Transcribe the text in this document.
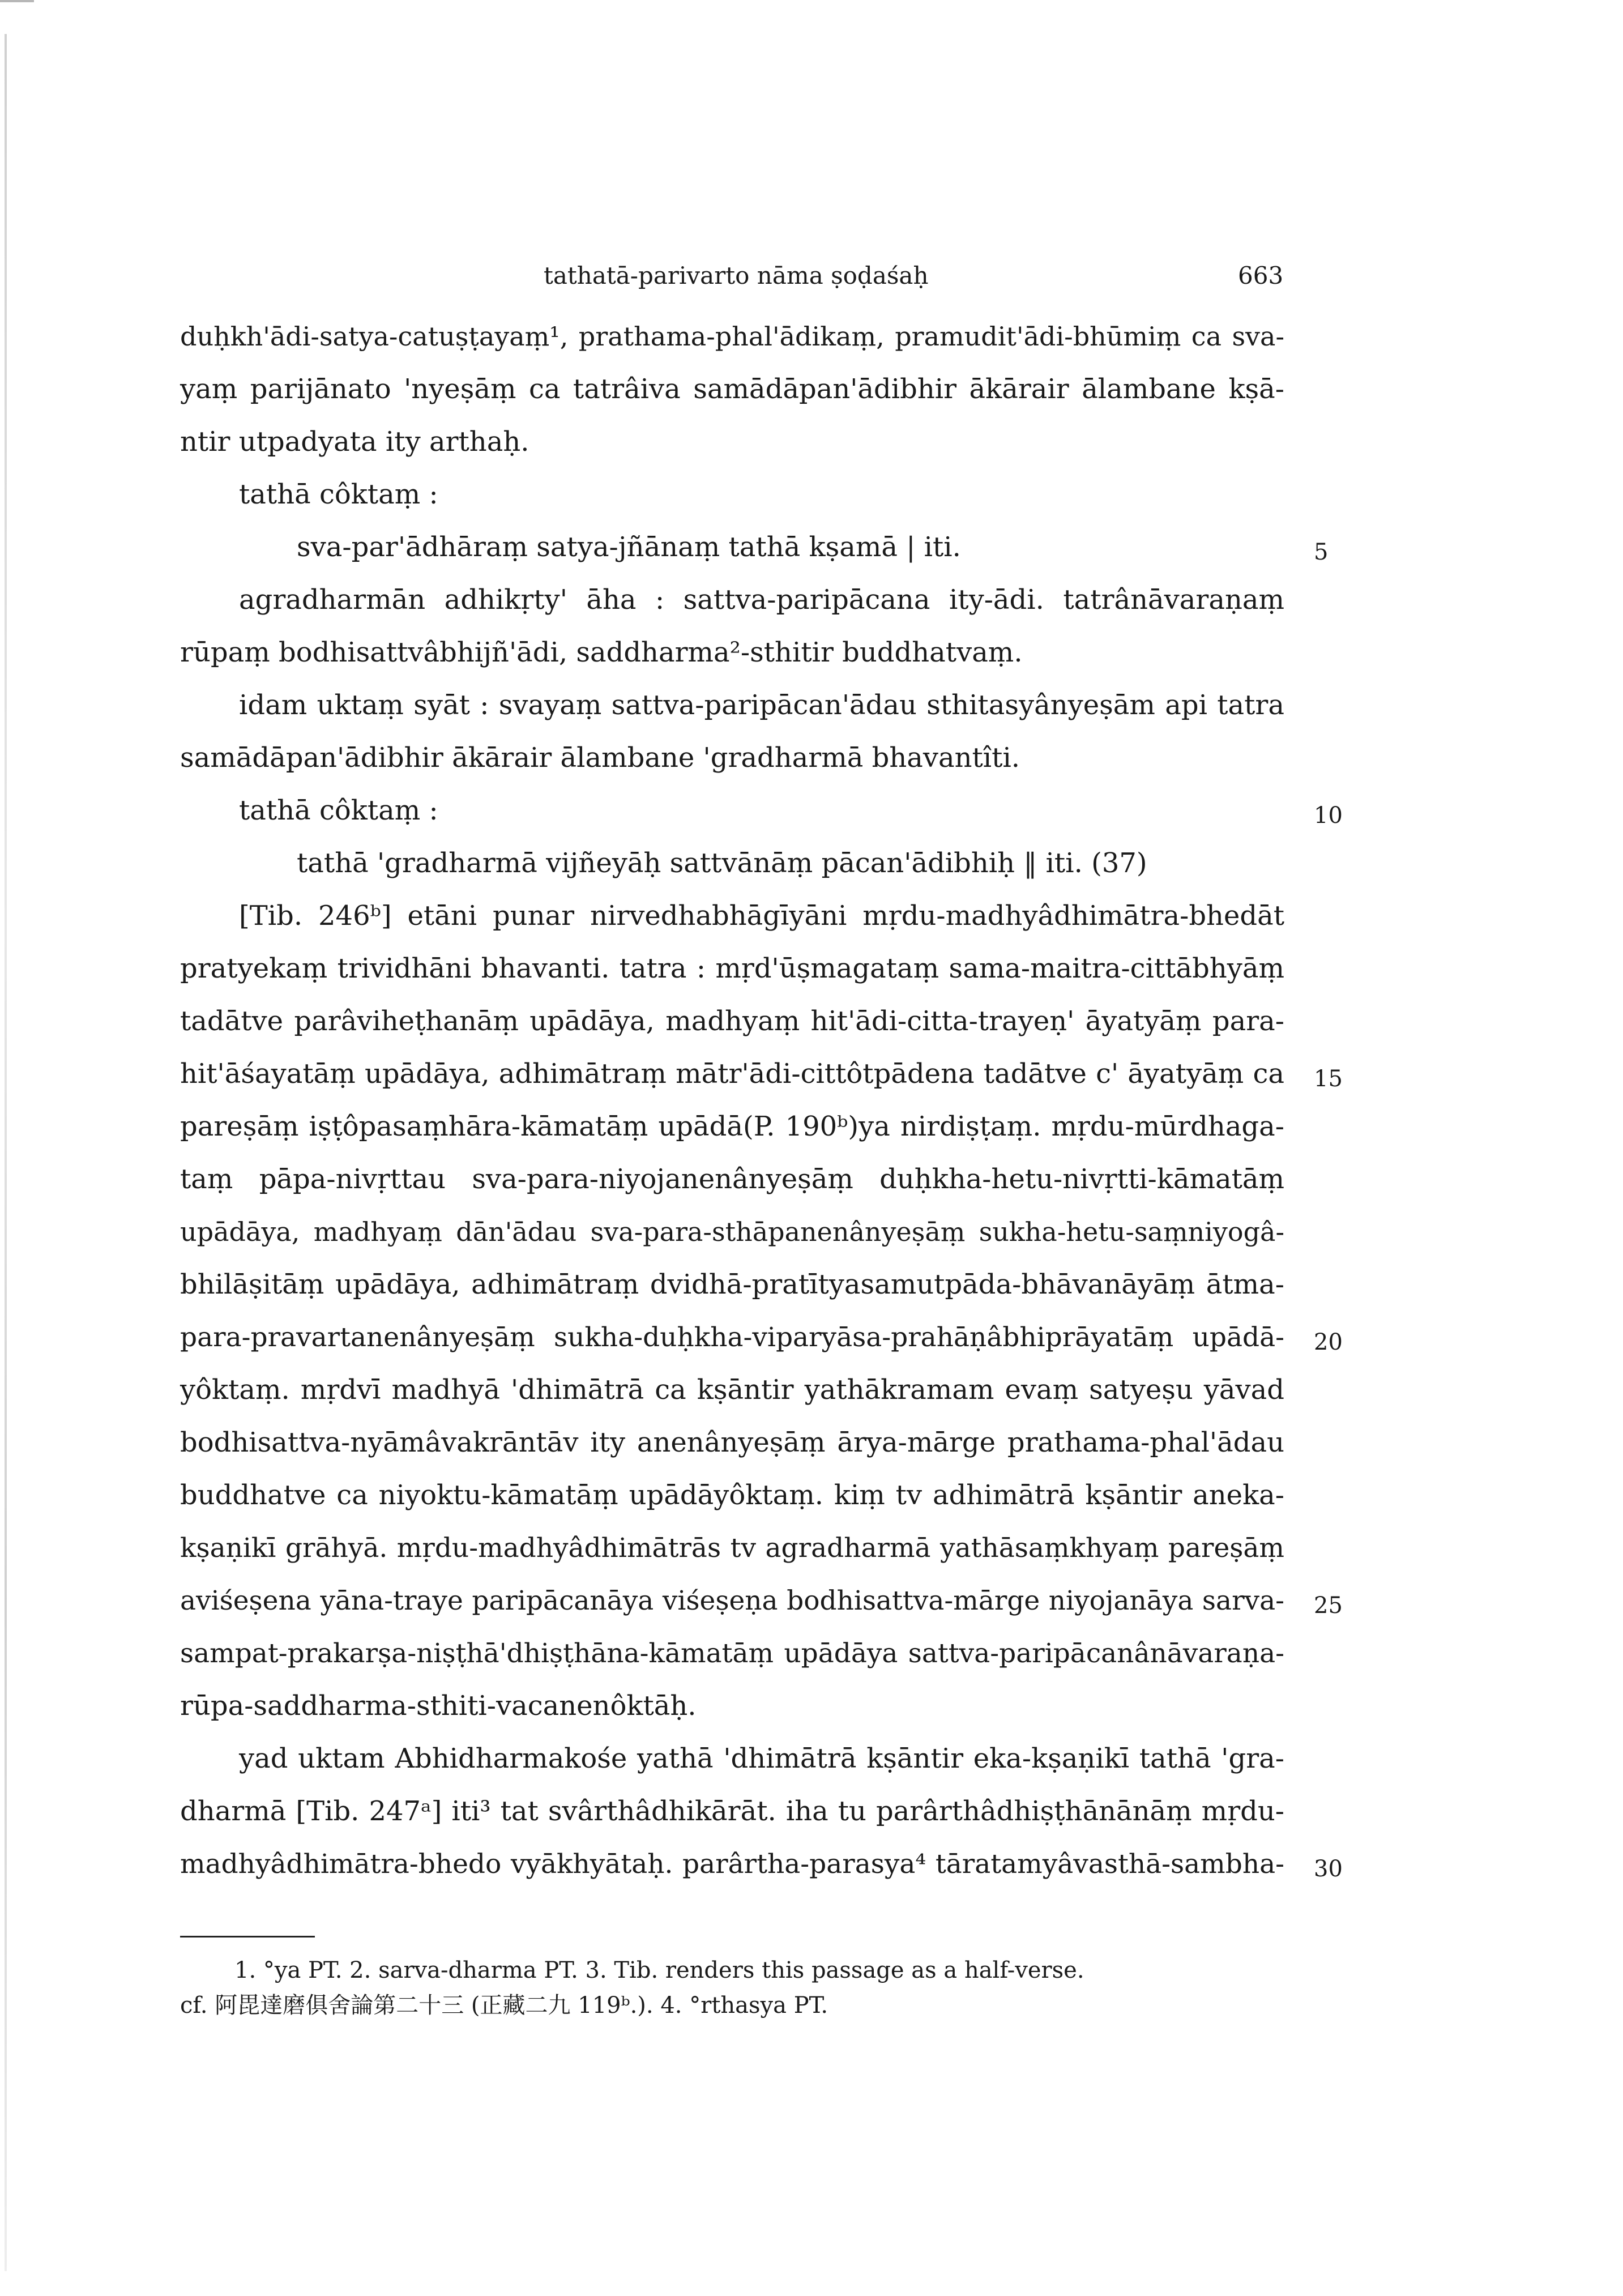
tathatā-parivarto nāma ṣoḍaśaḥ	663
duḥkh'ādi-satya-catuṣṭayaṃ¹, prathama-phal'ādikaṃ, pramudit'ādi-bhūmiṃ ca sva-
yaṃ parijānato 'nyeṣāṃ ca tatrâiva samādāpan'ādibhir ākārair ālambane kṣā-
ntir utpadyata ity arthaḥ.
tathā côktaṃ :
sva-par'ādhāraṃ satya-jñānaṃ tathā kṣamā | iti.
agradharmān adhikṛty' āha : sattva-paripācana ity-ādi. tatrânāvaraṇaṃ
rūpaṃ bodhisattvâbhijñ'ādi, saddharma²-sthitir buddhatvaṃ.
idam uktaṃ syāt : svayaṃ sattva-paripācan'ādau sthitasyânyeṣām api tatra
samādāpan'ādibhir ākārair ālambane 'gradharmā bhavantîti.
tathā côktaṃ :
tathā 'gradharmā vijñeyāḥ sattvānāṃ pācan'ādibhiḥ ‖ iti. (37)
[Tib. 246ᵇ] etāni punar nirvedhabhāgīyāni mṛdu-madhyâdhimātra-bhedāt
pratyekaṃ trividhāni bhavanti. tatra : mṛd'ūṣmagataṃ sama-maitra-cittābhyāṃ
tadātve parâviheṭhanāṃ upādāya, madhyaṃ hit'ādi-citta-trayeṇ' āyatyāṃ para-
hit'āśayatāṃ upādāya, adhimātraṃ mātr'ādi-cittôtpādena tadātve c' āyatyāṃ ca
pareṣāṃ iṣṭôpasaṃhāra-kāmatāṃ upādā(P. 190ᵇ)ya nirdiṣṭaṃ. mṛdu-mūrdhaga-
taṃ pāpa-nivṛttau sva-para-niyojanenânyeṣāṃ duḥkha-hetu-nivṛtti-kāmatāṃ
upādāya, madhyaṃ dān'ādau sva-para-sthāpanenânyeṣāṃ sukha-hetu-saṃniyogâ-
bhilāṣitāṃ upādāya, adhimātraṃ dvidhā-pratītyasamutpāda-bhāvanāyāṃ ātma-
para-pravartanenânyeṣāṃ sukha-duḥkha-viparyāsa-prahāṇâbhiprāyatāṃ upādā-
yôktaṃ. mṛdvī madhyā 'dhimātrā ca kṣāntir yathākramam evaṃ satyeṣu yāvad
bodhisattva-nyāmâvakrāntāv ity anenânyeṣāṃ ārya-mārge prathama-phal'ādau
buddhatve ca niyoktu-kāmatāṃ upādāyôktaṃ. kiṃ tv adhimātrā kṣāntir aneka-
kṣaṇikī grāhyā. mṛdu-madhyâdhimātrās tv agradharmā yathāsaṃkhyaṃ pareṣāṃ
aviśeṣena yāna-traye paripācanāya viśeṣeṇa bodhisattva-mārge niyojanāya sarva-
sampat-prakarṣa-niṣṭhā'dhiṣṭhāna-kāmatāṃ upādāya sattva-paripācanânāvaraṇa-
rūpa-saddharma-sthiti-vacanenôktāḥ.
yad uktam Abhidharmakośe yathā 'dhimātrā kṣāntir eka-kṣaṇikī tathā 'gra-
dharmā [Tib. 247ᵃ] iti³ tat svârthâdhikārāt. iha tu parârthâdhiṣṭhānānāṃ mṛdu-
madhyâdhimātra-bhedo vyākhyātaḥ. parârtha-parasya⁴ tāratamyâvasthā-sambha-
5
10
15
20
25
30
1. °ya PT. 2. sarva-dharma PT. 3. Tib. renders this passage as a half-verse.
cf. 阿毘達磨俱舍論第二十三 (正藏二九 119ᵇ.). 4. °rthasya PT.
